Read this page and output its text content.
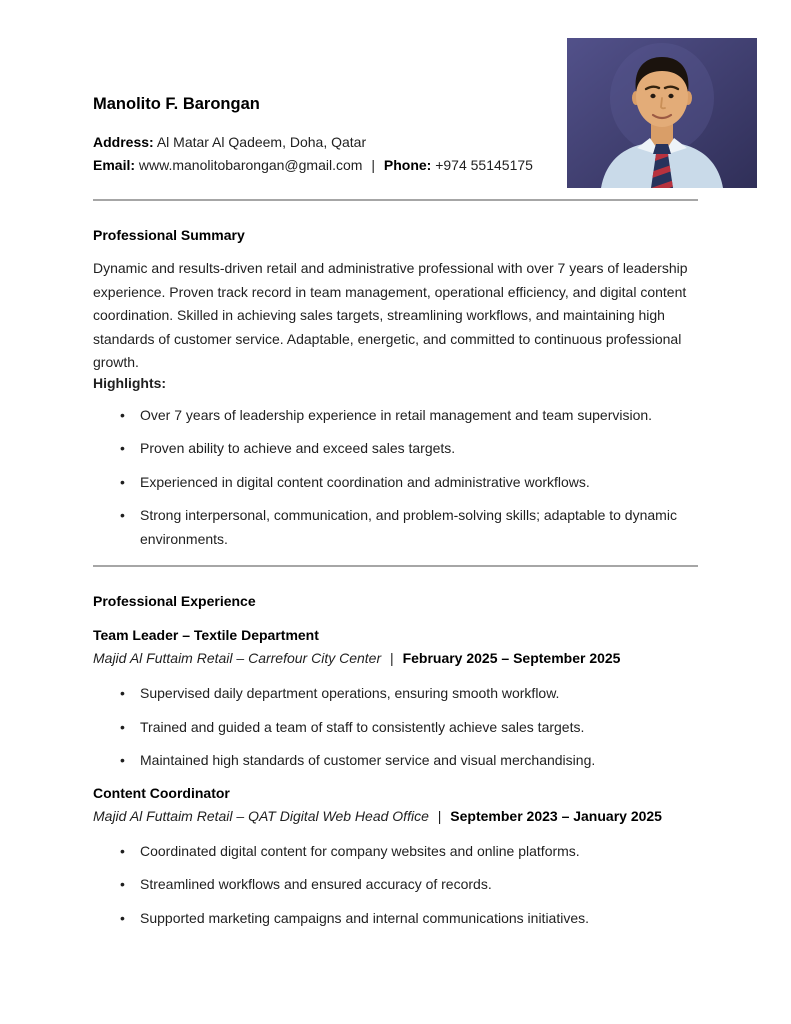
Manolito F. Barongan

Address: Al Matar Al Qadeem, Doha, Qatar

Email: www.manolitobarongan@gmail.com | Phone: +974 55145175

Professional Summary

Dynamic and results-driven retail and administrative professional with over 7 years of leadership experience. Proven track record in team management, operational efficiency, and digital content coordination. Skilled in achieving sales targets, streamlining workflows, and maintaining high standards of customer service. Adaptable, energetic, and committed to continuous professional growth.

Highlights:
• Over 7 years of leadership experience in retail management and team supervision.
• Proven ability to achieve and exceed sales targets.
• Experienced in digital content coordination and administrative workflows.
• Strong interpersonal, communication, and problem-solving skills; adaptable to dynamic environments.
Professional Experience
Team Leader – Textile Department

Majid Al Futtaim Retail – Carrefour City Center | February 2025 – September 2025

• Supervised daily department operations, ensuring smooth workflow.
• Trained and guided a team of staff to consistently achieve sales targets.
• Maintained high standards of customer service and visual merchandising.
Content Coordinator

Majid Al Futtaim Retail – QAT Digital Web Head Office | September 2023 – January 2025

• Coordinated digital content for company websites and online platforms.
• Streamlined workflows and ensured accuracy of records.
• Supported marketing campaigns and internal communications initiatives.
